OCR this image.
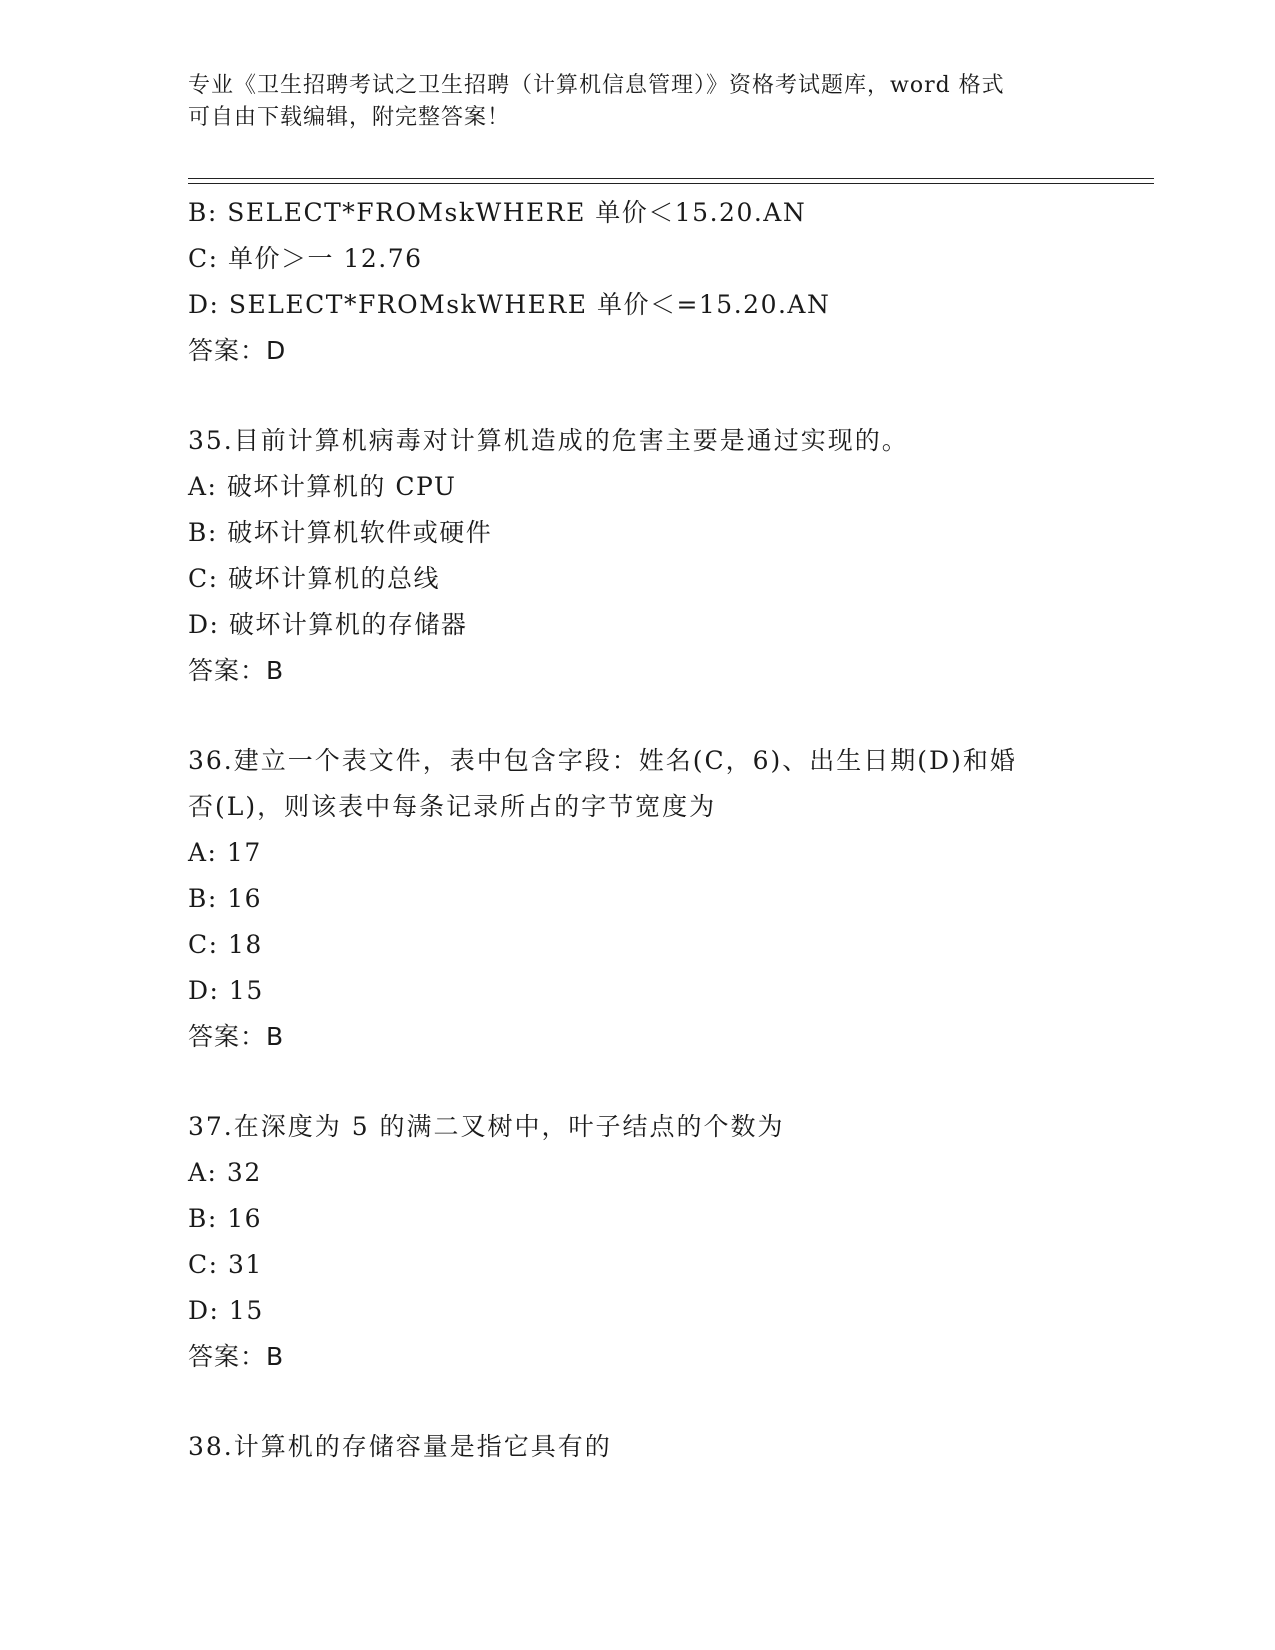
专业《卫生招聘考试之卫生招聘（计算机信息管理）》资格考试题库，word 格式
可自由下载编辑，附完整答案！
B: SELECT*FROMskWHERE 单价＜15.20.AN
C: 单价＞一 12.76
D: SELECT*FROMskWHERE 单价＜=15.20.AN
答案：D
35.目前计算机病毒对计算机造成的危害主要是通过实现的。
A: 破坏计算机的 CPU
B: 破坏计算机软件或硬件
C: 破坏计算机的总线
D: 破坏计算机的存储器
答案：B
36.建立一个表文件，表中包含字段：姓名(C，6)、出生日期(D)和婚
否(L)，则该表中每条记录所占的字节宽度为
A: 17
B: 16
C: 18
D: 15
答案：B
37.在深度为 5 的满二叉树中，叶子结点的个数为
A: 32
B: 16
C: 31
D: 15
答案：B
38.计算机的存储容量是指它具有的
